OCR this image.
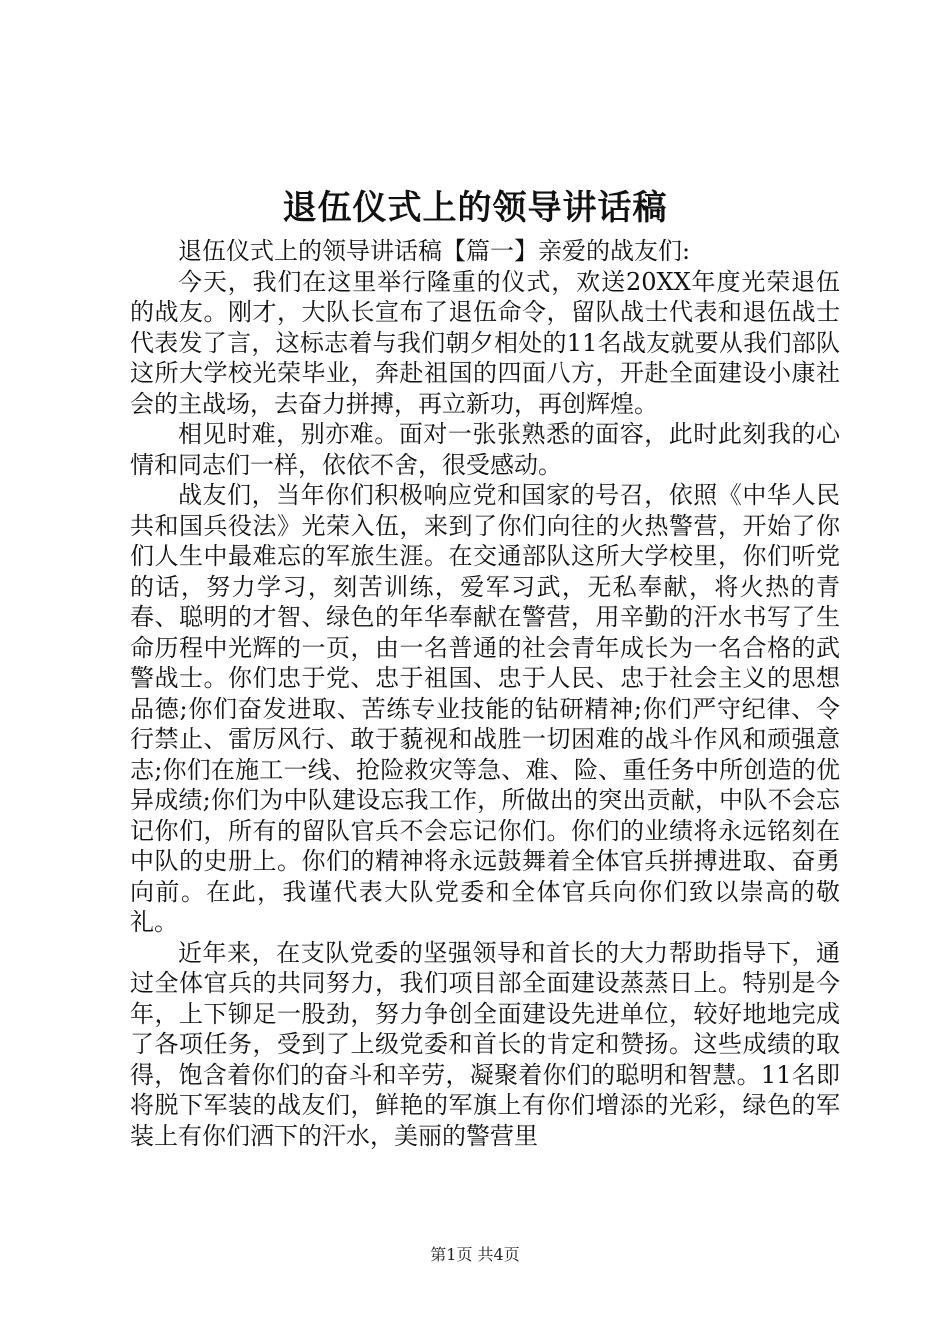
退伍仪式上的领导讲话稿

退伍仪式上的领导讲话稿【篇一】亲爱的战友们:

今天，我们在这里举行隆重的仪式，欢送20XX年度光荣退伍的战友。刚才，大队长宣布了退伍命令，留队战士代表和退伍战士代表发了言，这标志着与我们朝夕相处的11名战友就要从我们部队这所大学校光荣毕业，奔赴祖国的四面八方，开赴全面建设小康社会的主战场，去奋力拼搏，再立新功，再创辉煌。

相见时难，别亦难。面对一张张熟悉的面容，此时此刻我的心情和同志们一样，依依不舍，很受感动。

战友们，当年你们积极响应党和国家的号召，依照《中华人民共和国兵役法》光荣入伍，来到了你们向往的火热警营，开始了你们人生中最难忘的军旅生涯。在交通部队这所大学校里，你们听党的话，努力学习，刻苦训练，爱军习武，无私奉献，将火热的青春、聪明的才智、绿色的年华奉献在警营，用辛勤的汗水书写了生命历程中光辉的一页，由一名普通的社会青年成长为一名合格的武警战士。你们忠于党、忠于祖国、忠于人民、忠于社会主义的思想品德;你们奋发进取、苦练专业技能的钻研精神;你们严守纪律、令行禁止、雷厉风行、敢于藐视和战胜一切困难的战斗作风和顽强意志;你们在施工一线、抢险救灾等急、难、险、重任务中所创造的优异成绩;你们为中队建设忘我工作，所做出的突出贡献，中队不会忘记你们，所有的留队官兵不会忘记你们。你们的业绩将永远铭刻在中队的史册上。你们的精神将永远鼓舞着全体官兵拼搏进取、奋勇向前。在此，我谨代表大队党委和全体官兵向你们致以崇高的敬礼。

近年来，在支队党委的坚强领导和首长的大力帮助指导下，通过全体官兵的共同努力，我们项目部全面建设蒸蒸日上。特别是今年，上下铆足一股劲，努力争创全面建设先进单位，较好地地完成了各项任务，受到了上级党委和首长的肯定和赞扬。这些成绩的取得，饱含着你们的奋斗和辛劳，凝聚着你们的聪明和智慧。11名即将脱下军装的战友们，鲜艳的军旗上有你们增添的光彩，绿色的军装上有你们洒下的汗水，美丽的警营里

第1页 共4页
